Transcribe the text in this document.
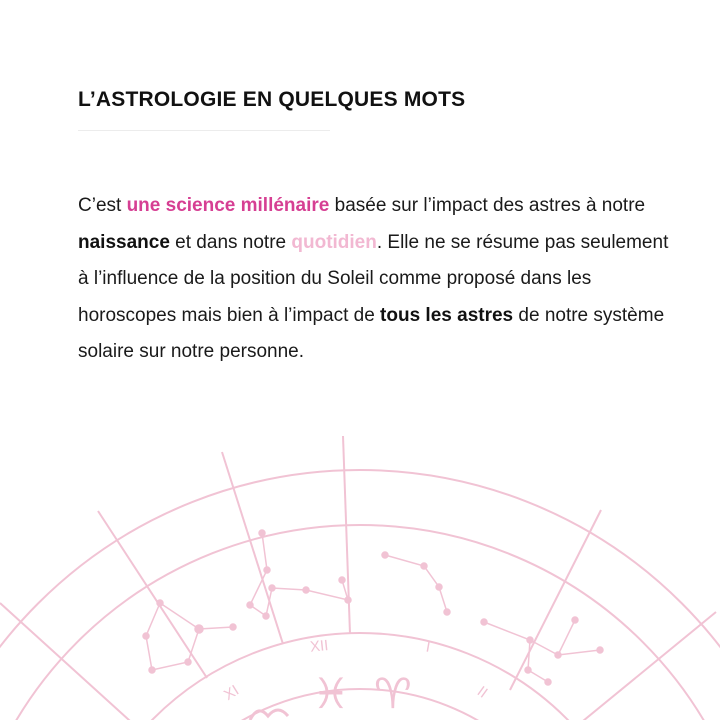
L’ASTROLOGIE EN QUELQUES MOTS

C’est une science millénaire basée sur l’impact des astres à notre naissance et dans notre quotidien. Elle ne se résume pas seulement à l’influence de la position du Soleil comme proposé dans les horoscopes mais bien à l’impact de tous les astres de notre système solaire sur notre personne.

XII
XI
I
II
♓ ♈
